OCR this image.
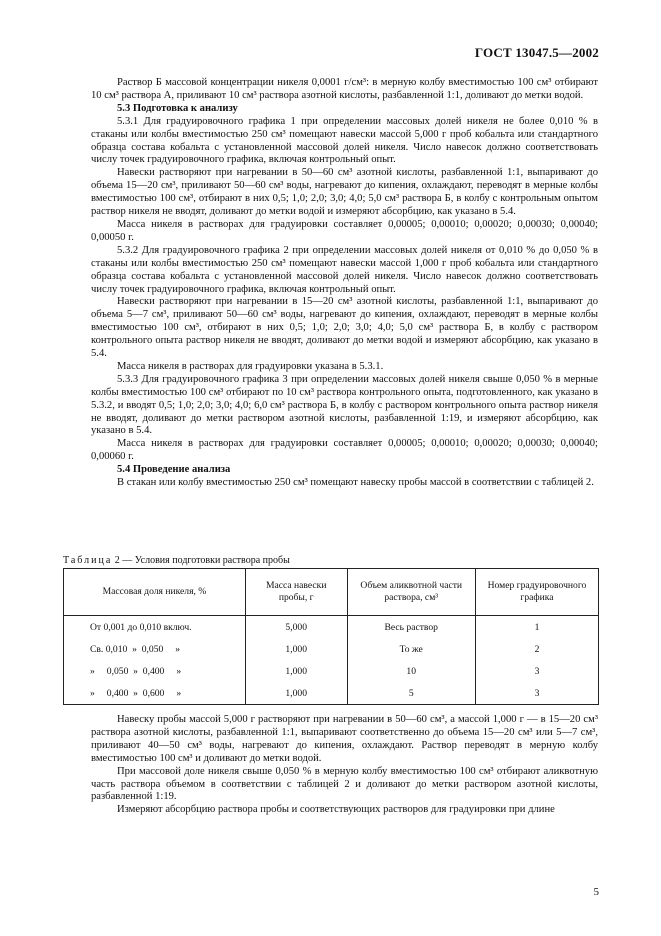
ГОСТ 13047.5—2002

Раствор Б массовой концентрации никеля 0,0001 г/см³: в мерную колбу вместимостью 100 см³ отбирают 10 см³ раствора А, приливают 10 см³ раствора азотной кислоты, разбавленной 1:1, доливают до метки водой.

5.3 Подготовка к анализу

5.3.1 Для градуировочного графика 1 при определении массовых долей никеля не более 0,010 % в стаканы или колбы вместимостью 250 см³ помещают навески массой 5,000 г проб кобальта или стандартного образца состава кобальта с установленной массовой долей никеля. Число навесок должно соответствовать числу точек градуировочного графика, включая контрольный опыт.

Навески растворяют при нагревании в 50—60 см³ азотной кислоты, разбавленной 1:1, выпаривают до объема 15—20 см³, приливают 50—60 см³ воды, нагревают до кипения, охлаждают, переводят в мерные колбы вместимостью 100 см³, отбирают в них 0,5; 1,0; 2,0; 3,0; 4,0; 5,0 см³ раствора Б, в колбу с контрольным опытом раствор никеля не вводят, доливают до метки водой и измеряют абсорбцию, как указано в 5.4.

Масса никеля в растворах для градуировки составляет 0,00005; 0,00010; 0,00020; 0,00030; 0,00040; 0,00050 г.

5.3.2 Для градуировочного графика 2 при определении массовых долей никеля от 0,010 % до 0,050 % в стаканы или колбы вместимостью 250 см³ помещают навески массой 1,000 г проб кобальта или стандартного образца состава кобальта с установленной массовой долей никеля. Число навесок должно соответствовать числу точек градуировочного графика, включая контрольный опыт.

Навески растворяют при нагревании в 15—20 см³ азотной кислоты, разбавленной 1:1, выпаривают до объема 5—7 см³, приливают 50—60 см³ воды, нагревают до кипения, охлаждают, переводят в мерные колбы вместимостью 100 см³, отбирают в них 0,5; 1,0; 2,0; 3,0; 4,0; 5,0 см³ раствора Б, в колбу с раствором контрольного опыта раствор никеля не вводят, доливают до метки водой и измеряют абсорбцию, как указано в 5.4.

Масса никеля в растворах для градуировки указана в 5.3.1.

5.3.3 Для градуировочного графика 3 при определении массовых долей никеля свыше 0,050 % в мерные колбы вместимостью 100 см³ отбирают по 10 см³ раствора контрольного опыта, подготовленного, как указано в 5.3.2, и вводят 0,5; 1,0; 2,0; 3,0; 4,0; 6,0 см³ раствора Б, в колбу с раствором контрольного опыта раствор никеля не вводят, доливают до метки раствором азотной кислоты, разбавленной 1:19, и измеряют абсорбцию, как указано в 5.4.

Масса никеля в растворах для градуировки составляет 0,00005; 0,00010; 0,00020; 0,00030; 0,00040; 0,00060 г.

5.4 Проведение анализа

В стакан или колбу вместимостью 250 см³ помещают навеску пробы массой в соответствии с таблицей 2.

Таблица 2 — Условия подготовки раствора пробы
Массовая доля никеля, %	Масса навески пробы, г	Объем аликвотной части раствора, см³	Номер градуировочного графика
От 0,001 до 0,010 включ.	5,000	Весь раствор	1
Св. 0,010  »  0,050     »	1,000	То же	2
»     0,050  »  0,400     »	1,000	10	3
»     0,400  »  0,600     »	1,000	5	3

Навеску пробы массой 5,000 г растворяют при нагревании в 50—60 см³, а массой 1,000 г — в 15—20 см³ раствора азотной кислоты, разбавленной 1:1, выпаривают соответственно до объема 15—20 см³ или 5—7 см³, приливают 40—50 см³ воды, нагревают до кипения, охлаждают. Раствор переводят в мерную колбу вместимостью 100 см³ и доливают до метки водой.

При массовой доле никеля свыше 0,050 % в мерную колбу вместимостью 100 см³ отбирают аликвотную часть раствора объемом в соответствии с таблицей 2 и доливают до метки раствором азотной кислоты, разбавленной 1:19.

Измеряют абсорбцию раствора пробы и соответствующих растворов для градуировки при длине

5
